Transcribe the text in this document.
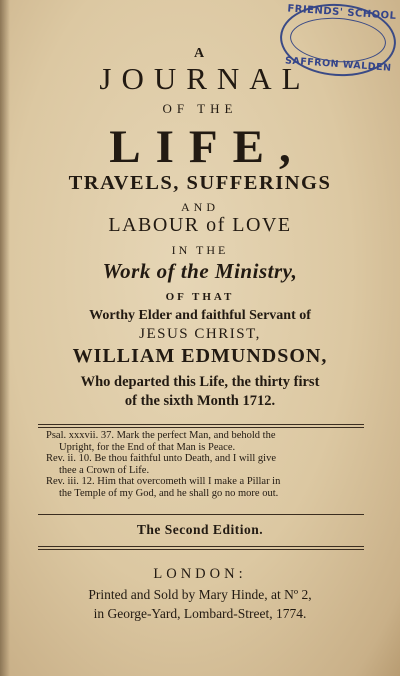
FRIENDS' SCHOOL
SAFFRON WALDEN
A
JOURNAL
OF THE
LIFE,
TRAVELS, SUFFERINGS
AND
LABOUR of LOVE
IN THE
Work of the Ministry,
OF THAT
Worthy Elder and faithful Servant of
JESUS CHRIST,
WILLIAM EDMUNDSON,
Who departed this Life, the thirty first
of the sixth Month 1712.
Psal. xxxvii. 37. Mark the perfect Man, and behold the
Upright, for the End of that Man is Peace.
Rev. ii. 10. Be thou faithful unto Death, and I will give
thee a Crown of Life.
Rev. iii. 12. Him that overcometh will I make a Pillar in
the Temple of my God, and he shall go no more out.
The Second Edition.
LONDON:
Printed and Sold by Mary Hinde, at Nº 2,
in George-Yard, Lombard-Street, 1774.
